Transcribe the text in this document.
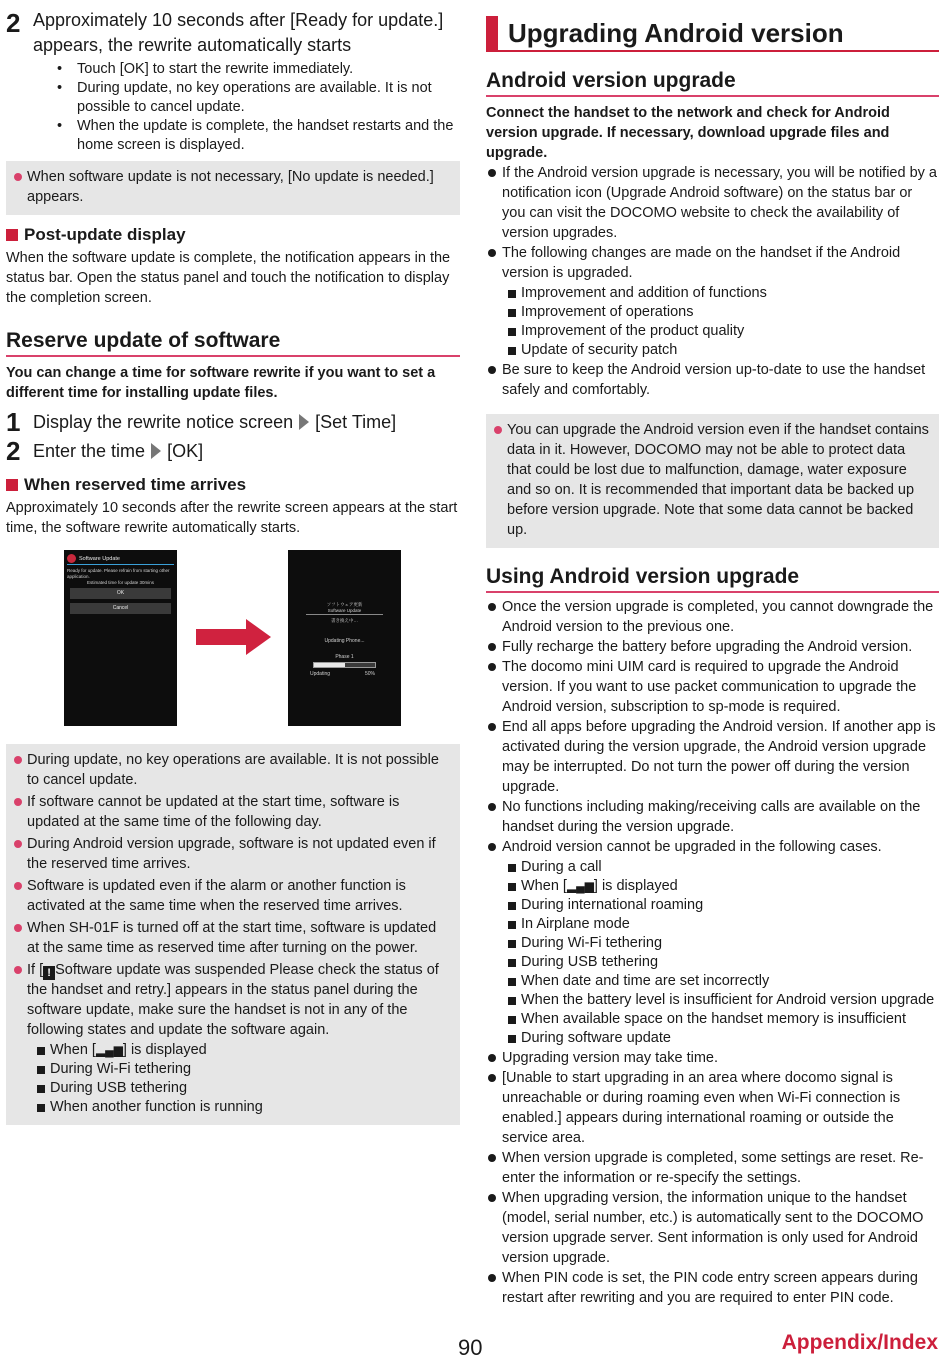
2 Approximately 10 seconds after [Ready for update.] appears, the rewrite automatically starts
• Touch [OK] to start the rewrite immediately.
• During update, no key operations are available. It is not possible to cancel update.
• When the update is complete, the handset restarts and the home screen is displayed.
When software update is not necessary, [No update is needed.] appears.
Post-update display
When the software update is complete, the notification appears in the status bar. Open the status panel and touch the notification to display the completion screen.
Reserve update of software
You can change a time for software rewrite if you want to set a different time for installing update files.
1 Display the rewrite notice screen [Set Time]
2 Enter the time [OK]
When reserved time arrives
Approximately 10 seconds after the rewrite screen appears at the start time, the software rewrite automatically starts.
Software Update
Ready for update. Please refrain from starting other application.
Estimated time for update 30mins
OK
Cancel
ソフトウェア更新
Software Update
書き換え中…
Updating Phone...
Phase 1
Updating	50%
During update, no key operations are available. It is not possible to cancel update.
If software cannot be updated at the start time, software is updated at the same time of the following day.
During Android version upgrade, software is not updated even if the reserved time arrives.
Software is updated even if the alarm or another function is activated at the same time when the reserved time arrives.
When SH-01F is turned off at the start time, software is updated at the same time as reserved time after turning on the power.
If [ ! Software update was suspended Please check the status of the handset and retry.] appears in the status panel during the software update, make sure the handset is not in any of the following states and update the software again.
When [▂▄▆] is displayed
During Wi-Fi tethering
During USB tethering
When another function is running
Upgrading Android version
Android version upgrade
Connect the handset to the network and check for Android version upgrade. If necessary, download upgrade files and upgrade.
If the Android version upgrade is necessary, you will be notified by a notification icon (Upgrade Android software) on the status bar or you can visit the DOCOMO website to check the availability of version upgrades.
The following changes are made on the handset if the Android version is upgraded.
Improvement and addition of functions
Improvement of operations
Improvement of the product quality
Update of security patch
Be sure to keep the Android version up-to-date to use the handset safely and comfortably.
You can upgrade the Android version even if the handset contains data in it. However, DOCOMO may not be able to protect data that could be lost due to malfunction, damage, water exposure and so on. It is recommended that important data be backed up before version upgrade. Note that some data cannot be backed up.
Using Android version upgrade
Once the version upgrade is completed, you cannot downgrade the Android version to the previous one.
Fully recharge the battery before upgrading the Android version.
The docomo mini UIM card is required to upgrade the Android version. If you want to use packet communication to upgrade the Android version, subscription to sp-mode is required.
End all apps before upgrading the Android version. If another app is activated during the version upgrade, the Android version upgrade may be interrupted. Do not turn the power off during the version upgrade.
No functions including making/receiving calls are available on the handset during the version upgrade.
Android version cannot be upgraded in the following cases.
During a call
When [▂▄▆] is displayed
During international roaming
In Airplane mode
During Wi-Fi tethering
During USB tethering
When date and time are set incorrectly
When the battery level is insufficient for Android version upgrade
When available space on the handset memory is insufficient
During software update
Upgrading version may take time.
[Unable to start upgrading in an area where docomo signal is unreachable or during roaming even when Wi-Fi connection is enabled.] appears during international roaming or outside the service area.
When version upgrade is completed, some settings are reset. Re-enter the information or re-specify the settings.
When upgrading version, the information unique to the handset (model, serial number, etc.) is automatically sent to the DOCOMO version upgrade server. Sent information is only used for Android version upgrade.
When PIN code is set, the PIN code entry screen appears during restart after rewriting and you are required to enter PIN code.
90	Appendix/Index
